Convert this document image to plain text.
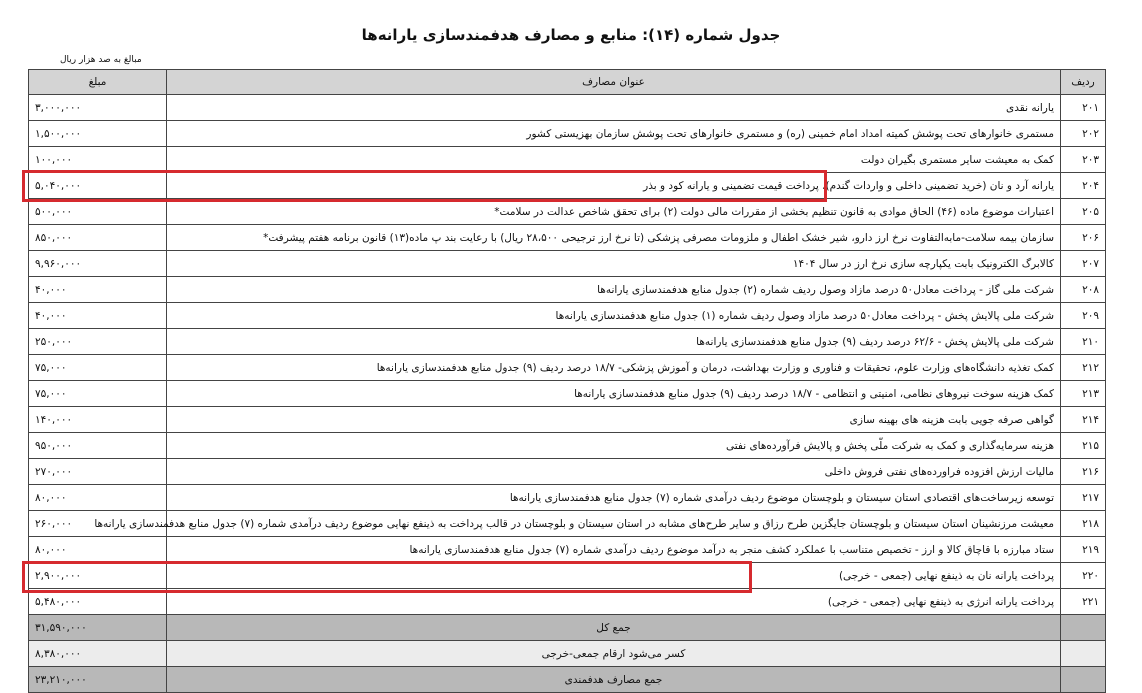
جدول شماره (۱۴): منابع و مصارف هدفمندسازی یارانه‌ها
مبالغ به صد هزار ریال
ردیف	عنوان مصارف	مبلغ
۲۰۱	یارانه نقدی	۳,۰۰۰,۰۰۰
۲۰۲	مستمری خانوارهای تحت پوشش کمیته امداد امام خمینی (ره) و مستمری خانوارهای تحت پوشش سازمان بهزیستی کشور	۱,۵۰۰,۰۰۰
۲۰۳	کمک به معیشت سایر مستمری بگیران دولت	۱۰۰,۰۰۰
۲۰۴	یارانه آرد و نان (خرید تضمینی داخلی و واردات گندم)، پرداخت قیمت تضمینی و یارانه کود و بذر	۵,۰۴۰,۰۰۰
۲۰۵	اعتبارات موضوع ماده (۴۶) الحاق موادی به قانون تنظیم بخشی از مقررات مالی دولت (۲) برای تحقق شاخص عدالت در سلامت*	۵۰۰,۰۰۰
۲۰۶	سازمان بیمه سلامت-مابه‌التفاوت نرخ ارز دارو، شیر خشک اطفال و ملزومات مصرفی پزشکی (تا نرخ ارز ترجیحی ۲۸،۵۰۰ ریال) با رعایت بند پ ماده(۱۳) قانون برنامه هفتم پیشرفت*	۸۵۰,۰۰۰
۲۰۷	کالابرگ الکترونیک بابت یکپارچه سازی نرخ ارز در سال ۱۴۰۴	۹,۹۶۰,۰۰۰
۲۰۸	شرکت ملی گاز - پرداخت معادل۵۰ درصد مازاد وصول ردیف شماره (۲) جدول منابع هدفمندسازی یارانه‌ها	۴۰,۰۰۰
۲۰۹	شرکت ملی پالایش پخش - پرداخت معادل۵۰ درصد مازاد وصول ردیف شماره (۱) جدول منابع هدفمندسازی یارانه‌ها	۴۰,۰۰۰
۲۱۰	شرکت ملی پالایش پخش - ۶۲/۶ درصد ردیف (۹) جدول منابع هدفمندسازی یارانه‌ها	۲۵۰,۰۰۰
۲۱۲	کمک تغذیه دانشگاه‌های وزارت علوم، تحقیقات و فناوری و وزارت بهداشت، درمان و آموزش پزشکی- ۱۸/۷ درصد ردیف (۹) جدول منابع هدفمندسازی یارانه‌ها	۷۵,۰۰۰
۲۱۳	کمک هزینه سوخت نیروهای نظامی، امنیتی و انتظامی - ۱۸/۷ درصد ردیف (۹) جدول منابع هدفمندسازی یارانه‌ها	۷۵,۰۰۰
۲۱۴	گواهی صرفه جویی بابت هزینه های بهینه سازی	۱۴۰,۰۰۰
۲۱۵	هزینه سرمایه‌گذاری و کمک به شرکت ملّی پخش و پالایش فرآورده‌های نفتی	۹۵۰,۰۰۰
۲۱۶	مالیات ارزش افزوده فراورده‌های نفتی فروش داخلی	۲۷۰,۰۰۰
۲۱۷	توسعه زیرساخت‌های اقتصادی استان سیستان و بلوچستان موضوع ردیف درآمدی شماره (۷) جدول منابع هدفمندسازی یارانه‌ها	۸۰,۰۰۰
۲۱۸	معیشت مرزنشینان استان سیستان و بلوچستان جایگزین طرح رزاق و سایر طرح‌های مشابه در استان سیستان و بلوچستان در قالب پرداخت به ذینفع نهایی موضوع ردیف درآمدی شماره (۷) جدول منابع هدفمندسازی یارانه‌ها	۲۶۰,۰۰۰
۲۱۹	ستاد مبارزه با قاچاق کالا و ارز - تخصیص متناسب با عملکرد کشف منجر به درآمد موضوع ردیف درآمدی شماره (۷) جدول منابع هدفمندسازی یارانه‌ها	۸۰,۰۰۰
۲۲۰	پرداخت یارانه نان به ذینفع نهایی (جمعی - خرجی)	۲,۹۰۰,۰۰۰
۲۲۱	پرداخت یارانه انرژی به ذینفع نهایی (جمعی - خرجی)	۵,۴۸۰,۰۰۰
	جمع کل	۳۱,۵۹۰,۰۰۰
	کسر می‌شود ارقام جمعی-خرجی	۸,۳۸۰,۰۰۰
	جمع مصارف هدفمندی	۲۳,۲۱۰,۰۰۰
